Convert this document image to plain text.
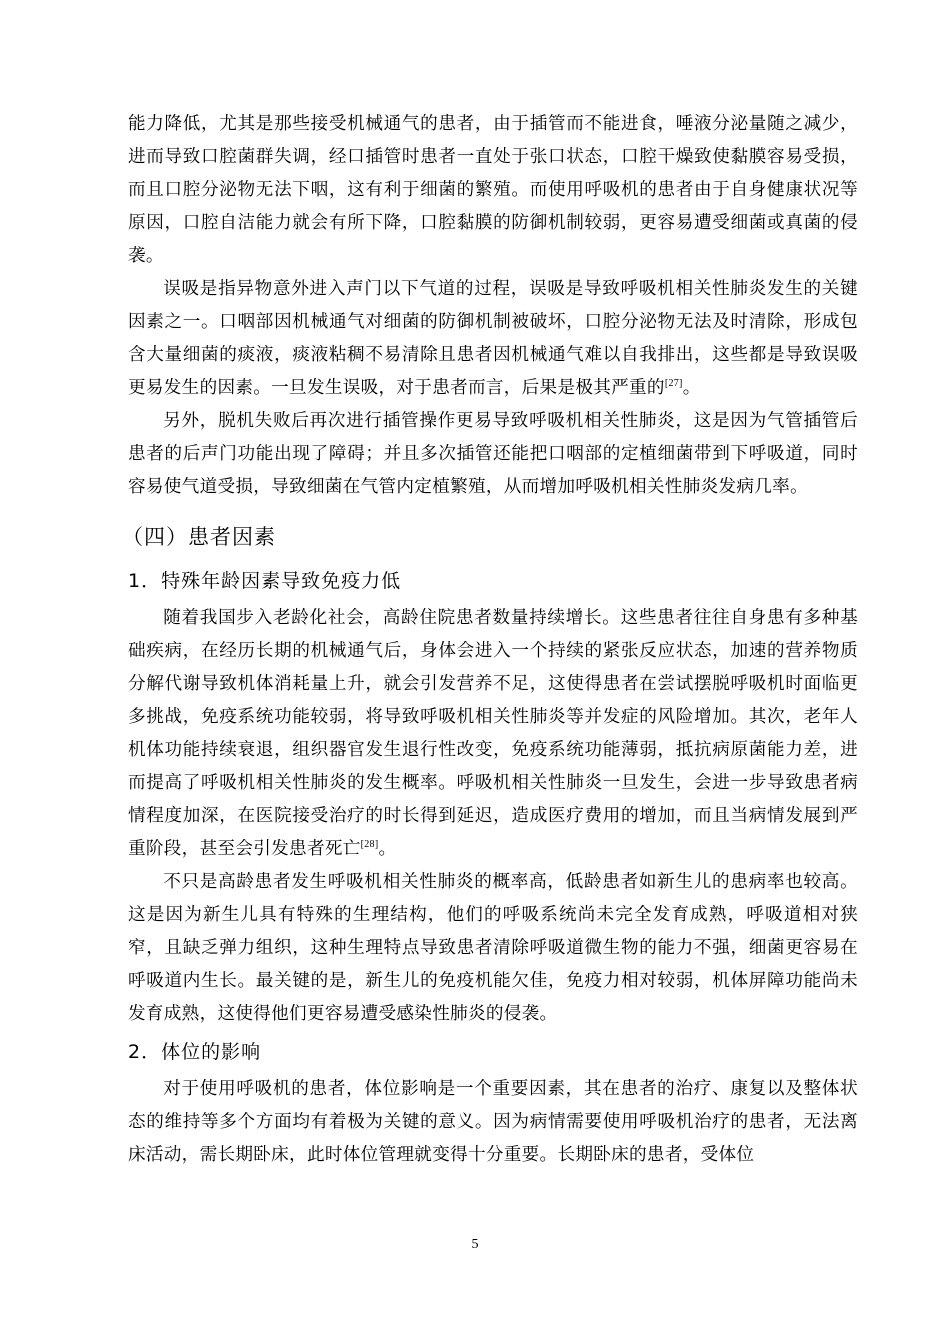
能力降低，尤其是那些接受机械通气的患者，由于插管而不能进食，唾液分泌量随之减少，进而导致口腔菌群失调，经口插管时患者一直处于张口状态，口腔干燥致使黏膜容易受损，而且口腔分泌物无法下咽，这有利于细菌的繁殖。而使用呼吸机的患者由于自身健康状况等原因，口腔自洁能力就会有所下降，口腔黏膜的防御机制较弱，更容易遭受细菌或真菌的侵袭。

误吸是指异物意外进入声门以下气道的过程，误吸是导致呼吸机相关性肺炎发生的关键因素之一。口咽部因机械通气对细菌的防御机制被破坏，口腔分泌物无法及时清除，形成包含大量细菌的痰液，痰液粘稠不易清除且患者因机械通气难以自我排出，这些都是导致误吸更易发生的因素。一旦发生误吸，对于患者而言，后果是极其严重的[27]。

另外，脱机失败后再次进行插管操作更易导致呼吸机相关性肺炎，这是因为气管插管后患者的后声门功能出现了障碍；并且多次插管还能把口咽部的定植细菌带到下呼吸道，同时容易使气道受损，导致细菌在气管内定植繁殖，从而增加呼吸机相关性肺炎发病几率。

（四）患者因素
1．特殊年龄因素导致免疫力低

随着我国步入老龄化社会，高龄住院患者数量持续增长。这些患者往往自身患有多种基础疾病，在经历长期的机械通气后，身体会进入一个持续的紧张反应状态，加速的营养物质分解代谢导致机体消耗量上升，就会引发营养不足，这使得患者在尝试摆脱呼吸机时面临更多挑战，免疫系统功能较弱，将导致呼吸机相关性肺炎等并发症的风险增加。其次，老年人机体功能持续衰退，组织器官发生退行性改变，免疫系统功能薄弱，抵抗病原菌能力差，进而提高了呼吸机相关性肺炎的发生概率。呼吸机相关性肺炎一旦发生，会进一步导致患者病情程度加深，在医院接受治疗的时长得到延迟，造成医疗费用的增加，而且当病情发展到严重阶段，甚至会引发患者死亡[28]。

不只是高龄患者发生呼吸机相关性肺炎的概率高，低龄患者如新生儿的患病率也较高。这是因为新生儿具有特殊的生理结构，他们的呼吸系统尚未完全发育成熟，呼吸道相对狭窄，且缺乏弹力组织，这种生理特点导致患者清除呼吸道微生物的能力不强，细菌更容易在呼吸道内生长。最关键的是，新生儿的免疫机能欠佳，免疫力相对较弱，机体屏障功能尚未发育成熟，这使得他们更容易遭受感染性肺炎的侵袭。

2．体位的影响

对于使用呼吸机的患者，体位影响是一个重要因素，其在患者的治疗、康复以及整体状态的维持等多个方面均有着极为关键的意义。因为病情需要使用呼吸机治疗的患者，无法离床活动，需长期卧床，此时体位管理就变得十分重要。长期卧床的患者，受体位

5
